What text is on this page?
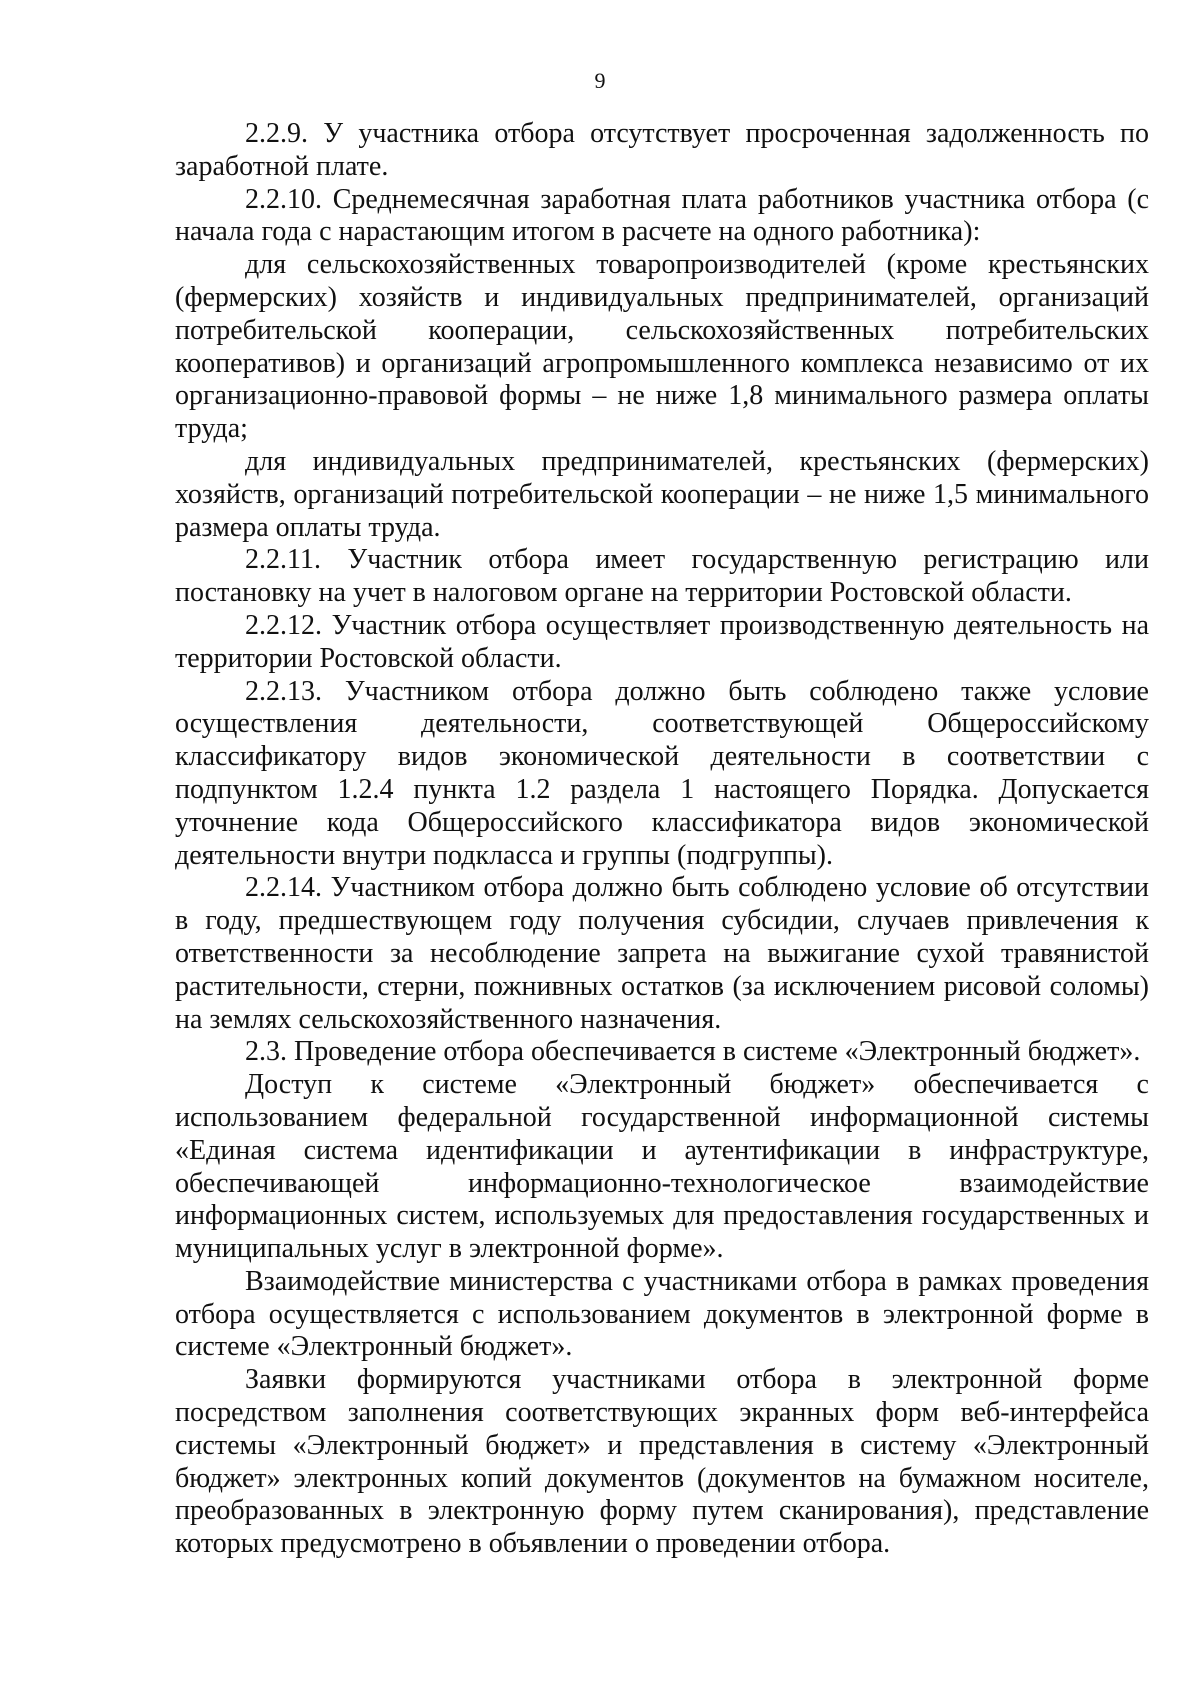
9

2.2.9. У участника отбора отсутствует просроченная задолженность по заработной плате.

2.2.10. Среднемесячная заработная плата работников участника отбора (с начала года с нарастающим итогом в расчете на одного работника):

для сельскохозяйственных товаропроизводителей (кроме крестьянских (фермерских) хозяйств и индивидуальных предпринимателей, организаций потребительской кооперации, сельскохозяйственных потребительских кооперативов) и организаций агропромышленного комплекса независимо от их организационно-правовой формы – не ниже 1,8 минимального размера оплаты труда;

для индивидуальных предпринимателей, крестьянских (фермерских) хозяйств, организаций потребительской кооперации – не ниже 1,5 минимального размера оплаты труда.

2.2.11. Участник отбора имеет государственную регистрацию или постановку на учет в налоговом органе на территории Ростовской области.

2.2.12. Участник отбора осуществляет производственную деятельность на территории Ростовской области.

2.2.13. Участником отбора должно быть соблюдено также условие осуществления деятельности, соответствующей Общероссийскому классификатору видов экономической деятельности в соответствии с подпунктом 1.2.4 пункта 1.2 раздела 1 настоящего Порядка. Допускается уточнение кода Общероссийского классификатора видов экономической деятельности внутри подкласса и группы (подгруппы).

2.2.14. Участником отбора должно быть соблюдено условие об отсутствии в году, предшествующем году получения субсидии, случаев привлечения к ответственности за несоблюдение запрета на выжигание сухой травянистой растительности, стерни, пожнивных остатков (за исключением рисовой соломы) на землях сельскохозяйственного назначения.

2.3. Проведение отбора обеспечивается в системе «Электронный бюджет».

Доступ к системе «Электронный бюджет» обеспечивается с использованием федеральной государственной информационной системы «Единая система идентификации и аутентификации в инфраструктуре, обеспечивающей информационно-технологическое взаимодействие информационных систем, используемых для предоставления государственных и муниципальных услуг в электронной форме».

Взаимодействие министерства с участниками отбора в рамках проведения отбора осуществляется с использованием документов в электронной форме в системе «Электронный бюджет».

Заявки формируются участниками отбора в электронной форме посредством заполнения соответствующих экранных форм веб-интерфейса системы «Электронный бюджет» и представления в систему «Электронный бюджет» электронных копий документов (документов на бумажном носителе, преобразованных в электронную форму путем сканирования), представление которых предусмотрено в объявлении о проведении отбора.
